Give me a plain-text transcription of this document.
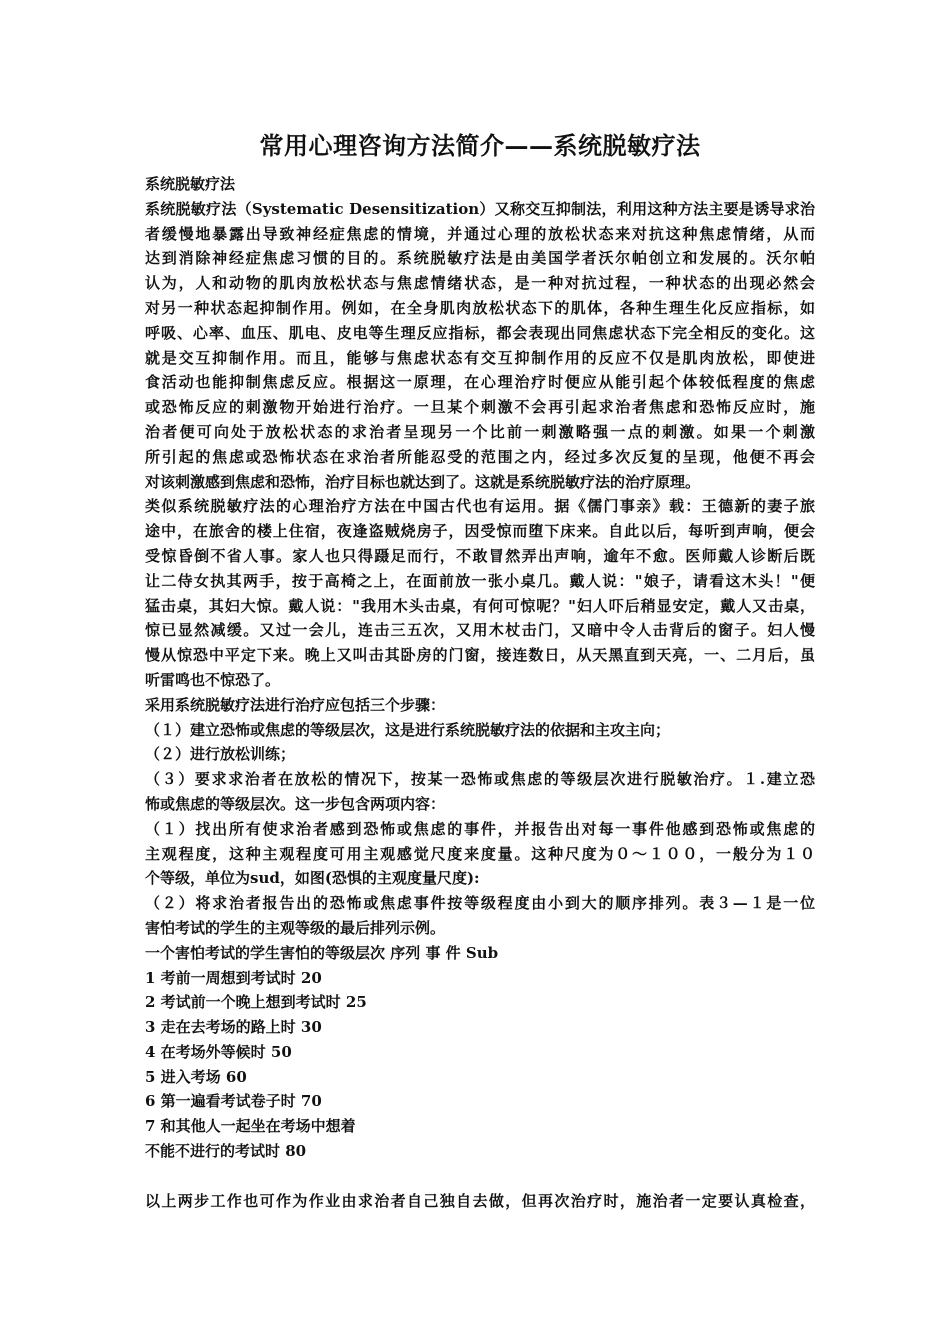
常用心理咨询方法简介——系统脱敏疗法
系统脱敏疗法
系统脱敏疗法（Systematic Desensitization）又称交互抑制法，利用这种方法主要是诱导求治
者缓慢地暴露出导致神经症焦虑的情境，并通过心理的放松状态来对抗这种焦虑情绪，从而
达到消除神经症焦虑习惯的目的。系统脱敏疗法是由美国学者沃尔帕创立和发展的。沃尔帕
认为，人和动物的肌肉放松状态与焦虑情绪状态，是一种对抗过程，一种状态的出现必然会
对另一种状态起抑制作用。例如，在全身肌肉放松状态下的肌体，各种生理生化反应指标，如
呼吸、心率、血压、肌电、皮电等生理反应指标，都会表现出同焦虑状态下完全相反的变化。这
就是交互抑制作用。而且，能够与焦虑状态有交互抑制作用的反应不仅是肌肉放松，即使进
食活动也能抑制焦虑反应。根据这一原理，在心理治疗时便应从能引起个体较低程度的焦虑
或恐怖反应的刺激物开始进行治疗。一旦某个刺激不会再引起求治者焦虑和恐怖反应时，施
治者便可向处于放松状态的求治者呈现另一个比前一刺激略强一点的刺激。如果一个刺激
所引起的焦虑或恐怖状态在求治者所能忍受的范围之内，经过多次反复的呈现，他便不再会
对该刺激感到焦虑和恐怖，治疗目标也就达到了。这就是系统脱敏疗法的治疗原理。
类似系统脱敏疗法的心理治疗方法在中国古代也有运用。据《儒门事亲》载：王德新的妻子旅
途中，在旅舍的楼上住宿，夜逢盗贼烧房子，因受惊而堕下床来。自此以后，每听到声响，便会
受惊昏倒不省人事。家人也只得蹑足而行，不敢冒然弄出声响，逾年不愈。医师戴人诊断后既
让二侍女执其两手，按于高椅之上，在面前放一张小桌几。戴人说："娘子，请看这木头！"便
猛击桌，其妇大惊。戴人说："我用木头击桌，有何可惊呢？"妇人吓后稍显安定，戴人又击桌，
惊已显然减缓。又过一会儿，连击三五次，又用木杖击门，又暗中令人击背后的窗子。妇人慢
慢从惊恐中平定下来。晚上又叫击其卧房的门窗，接连数日，从天黑直到天亮，一、二月后，虽
听雷鸣也不惊恐了。
采用系统脱敏疗法进行治疗应包括三个步骤：
（１）建立恐怖或焦虑的等级层次，这是进行系统脱敏疗法的依据和主攻主向；
（２）进行放松训练；
（３）要求求治者在放松的情况下，按某一恐怖或焦虑的等级层次进行脱敏治疗。１.建立恐
怖或焦虑的等级层次。这一步包含两项内容：
（１）找出所有使求治者感到恐怖或焦虑的事件，并报告出对每一事件他感到恐怖或焦虑的
主观程度，这种主观程度可用主观感觉尺度来度量。这种尺度为０～１００，一般分为１０
个等级，单位为sud，如图(恐惧的主观度量尺度):
（２）将求治者报告出的恐怖或焦虑事件按等级程度由小到大的顺序排列。表３—１是一位
害怕考试的学生的主观等级的最后排列示例。
一个害怕考试的学生害怕的等级层次 序列 事 件 Sub
1 考前一周想到考试时 20
2 考试前一个晚上想到考试时 25
3 走在去考场的路上时 30
4 在考场外等候时 50
5 进入考场 60
6 第一遍看考试卷子时 70
7 和其他人一起坐在考场中想着
不能不进行的考试时 80
以上两步工作也可作为作业由求治者自己独自去做，但再次治疗时，施治者一定要认真检查，
